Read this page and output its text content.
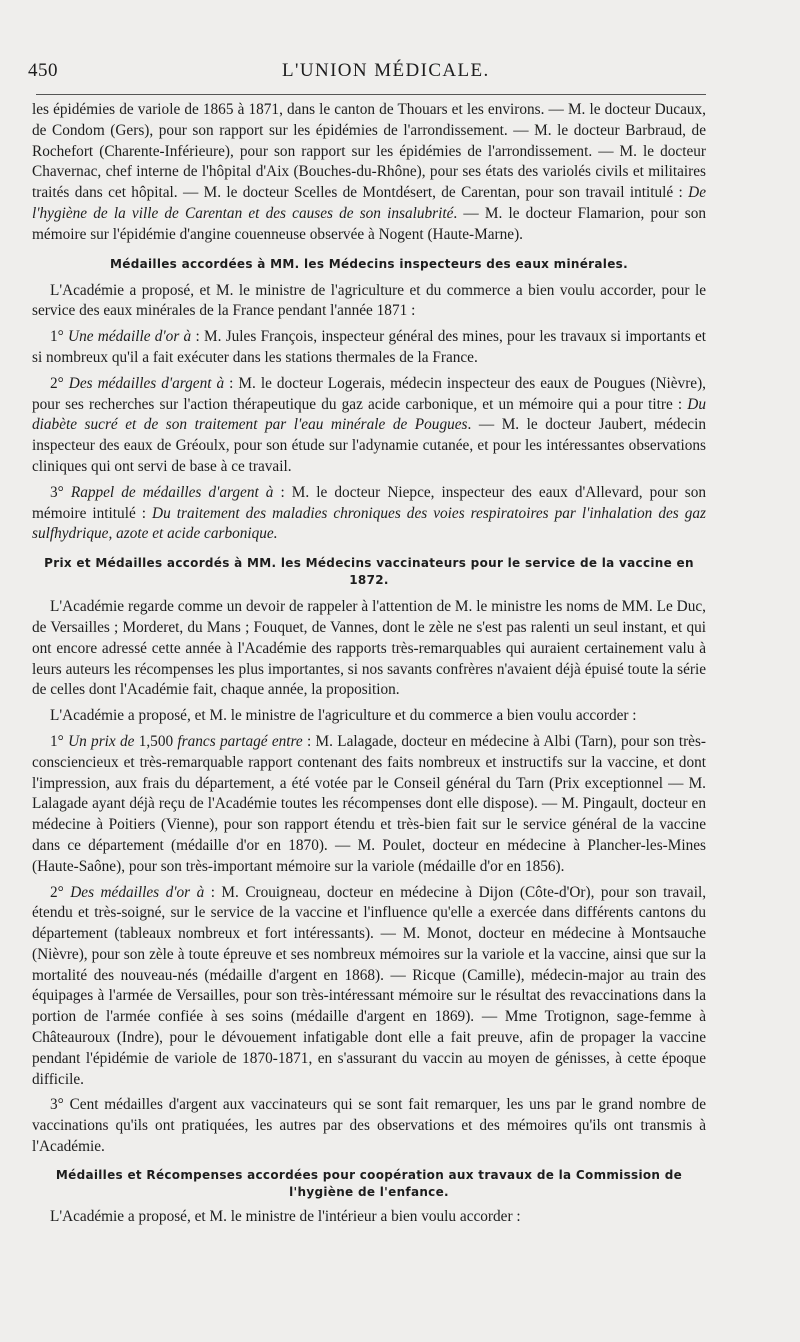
450	L'UNION MÉDICALE.

les épidémies de variole de 1865 à 1871, dans le canton de Thouars et les environs. — M. le docteur Ducaux, de Condom (Gers), pour son rapport sur les épidémies de l'arrondissement. — M. le docteur Barbraud, de Rochefort (Charente-Inférieure), pour son rapport sur les épidémies de l'arrondissement. — M. le docteur Chavernac, chef interne de l'hôpital d'Aix (Bouches-du-Rhône), pour ses états des variolés civils et militaires traités dans cet hôpital. — M. le docteur Scelles de Montdésert, de Carentan, pour son travail intitulé : De l'hygiène de la ville de Carentan et des causes de son insalubrité. — M. le docteur Flamarion, pour son mémoire sur l'épidémie d'angine couenneuse observée à Nogent (Haute-Marne).

Médailles accordées à MM. les Médecins inspecteurs des eaux minérales.

L'Académie a proposé, et M. le ministre de l'agriculture et du commerce a bien voulu accorder, pour le service des eaux minérales de la France pendant l'année 1871 :

1° Une médaille d'or à : M. Jules François, inspecteur général des mines, pour les travaux si importants et si nombreux qu'il a fait exécuter dans les stations thermales de la France.

2° Des médailles d'argent à : M. le docteur Logerais, médecin inspecteur des eaux de Pougues (Nièvre), pour ses recherches sur l'action thérapeutique du gaz acide carbonique, et un mémoire qui a pour titre : Du diabète sucré et de son traitement par l'eau minérale de Pougues. — M. le docteur Jaubert, médecin inspecteur des eaux de Gréoulx, pour son étude sur l'adynamie cutanée, et pour les intéressantes observations cliniques qui ont servi de base à ce travail.

3° Rappel de médailles d'argent à : M. le docteur Niepce, inspecteur des eaux d'Allevard, pour son mémoire intitulé : Du traitement des maladies chroniques des voies respiratoires par l'inhalation des gaz sulfhydrique, azote et acide carbonique.

Prix et Médailles accordés à MM. les Médecins vaccinateurs pour le service de la vaccine en 1872.

L'Académie regarde comme un devoir de rappeler à l'attention de M. le ministre les noms de MM. Le Duc, de Versailles ; Morderet, du Mans ; Fouquet, de Vannes, dont le zèle ne s'est pas ralenti un seul instant, et qui ont encore adressé cette année à l'Académie des rapports très-remarquables qui auraient certainement valu à leurs auteurs les récompenses les plus importantes, si nos savants confrères n'avaient déjà épuisé toute la série de celles dont l'Académie fait, chaque année, la proposition.

L'Académie a proposé, et M. le ministre de l'agriculture et du commerce a bien voulu accorder :

1° Un prix de 1,500 francs partagé entre : M. Lalagade, docteur en médecine à Albi (Tarn), pour son très-consciencieux et très-remarquable rapport contenant des faits nombreux et instructifs sur la vaccine, et dont l'impression, aux frais du département, a été votée par le Conseil général du Tarn (Prix exceptionnel — M. Lalagade ayant déjà reçu de l'Académie toutes les récompenses dont elle dispose). — M. Pingault, docteur en médecine à Poitiers (Vienne), pour son rapport étendu et très-bien fait sur le service général de la vaccine dans ce département (médaille d'or en 1870). — M. Poulet, docteur en médecine à Plancher-les-Mines (Haute-Saône), pour son très-important mémoire sur la variole (médaille d'or en 1856).

2° Des médailles d'or à : M. Crouigneau, docteur en médecine à Dijon (Côte-d'Or), pour son travail, étendu et très-soigné, sur le service de la vaccine et l'influence qu'elle a exercée dans différents cantons du département (tableaux nombreux et fort intéressants). — M. Monot, docteur en médecine à Montsauche (Nièvre), pour son zèle à toute épreuve et ses nombreux mémoires sur la variole et la vaccine, ainsi que sur la mortalité des nouveau-nés (médaille d'argent en 1868). — Ricque (Camille), médecin-major au train des équipages à l'armée de Versailles, pour son très-intéressant mémoire sur le résultat des revaccinations dans la portion de l'armée confiée à ses soins (médaille d'argent en 1869). — Mme Trotignon, sage-femme à Châteauroux (Indre), pour le dévouement infatigable dont elle a fait preuve, afin de propager la vaccine pendant l'épidémie de variole de 1870-1871, en s'assurant du vaccin au moyen de génisses, à cette époque difficile.

3° Cent médailles d'argent aux vaccinateurs qui se sont fait remarquer, les uns par le grand nombre de vaccinations qu'ils ont pratiquées, les autres par des observations et des mémoires qu'ils ont transmis à l'Académie.

Médailles et Récompenses accordées pour coopération aux travaux de la Commission de l'hygiène de l'enfance.

L'Académie a proposé, et M. le ministre de l'intérieur a bien voulu accorder :
